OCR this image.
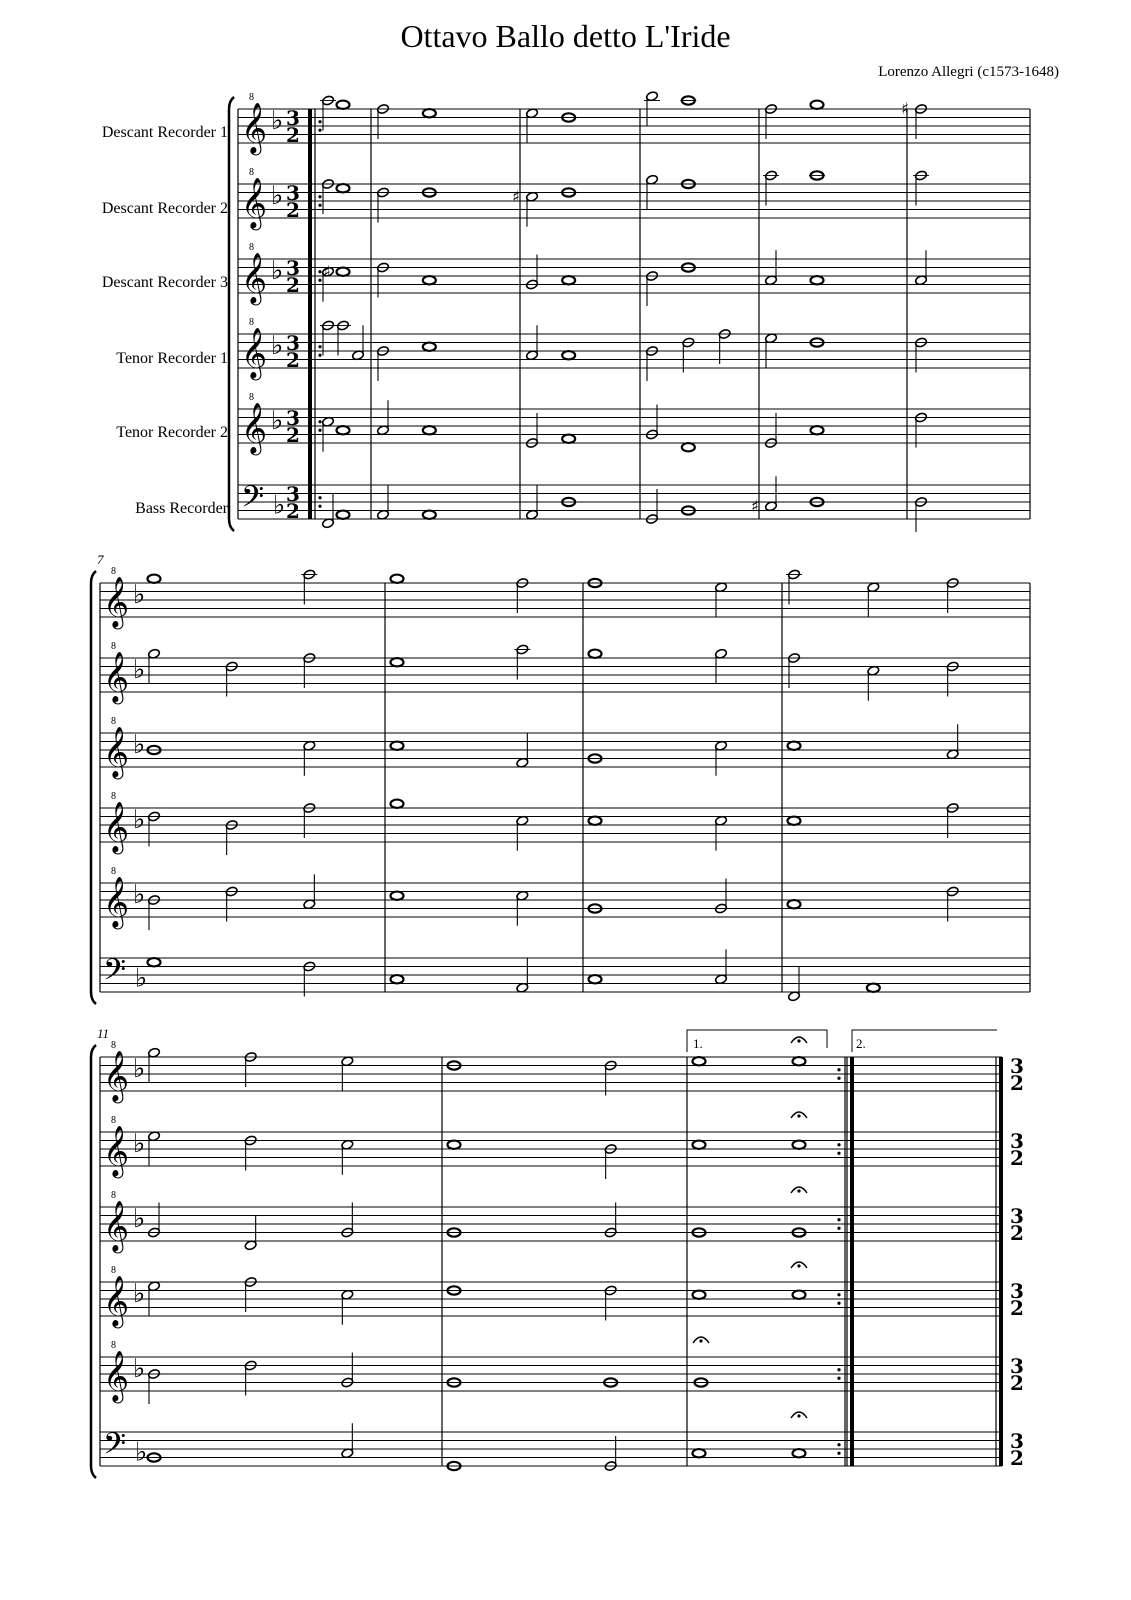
Ottavo Ballo detto L'Iride
Lorenzo Allegri (c1573-1648)
Descant Recorder 1
Descant Recorder 2
Descant Recorder 3
Tenor Recorder 1
Tenor Recorder 2
Bass Recorder
7
11
1.	2.
𝄞
8
♭ 3
2
𝄞
8
♭ 3
2
𝄞
8
♭ 3
2
𝄞
8
♭ 3
2
𝄞
8
♭ 3
2
𝄢 ♭ 3
2
♯
♯
♯
♯
𝄞
8
♭
𝄞
8
♭
𝄞
8
♭
𝄞
8
♭
𝄞
8
♭
𝄢 ♭
𝄞
8
♭	3
2
𝄞
8
♭	3
2
𝄞
8
♭	3
2
𝄞
8
♭	3
2
𝄞
8
♭	3
2
𝄢 ♭	3
2
